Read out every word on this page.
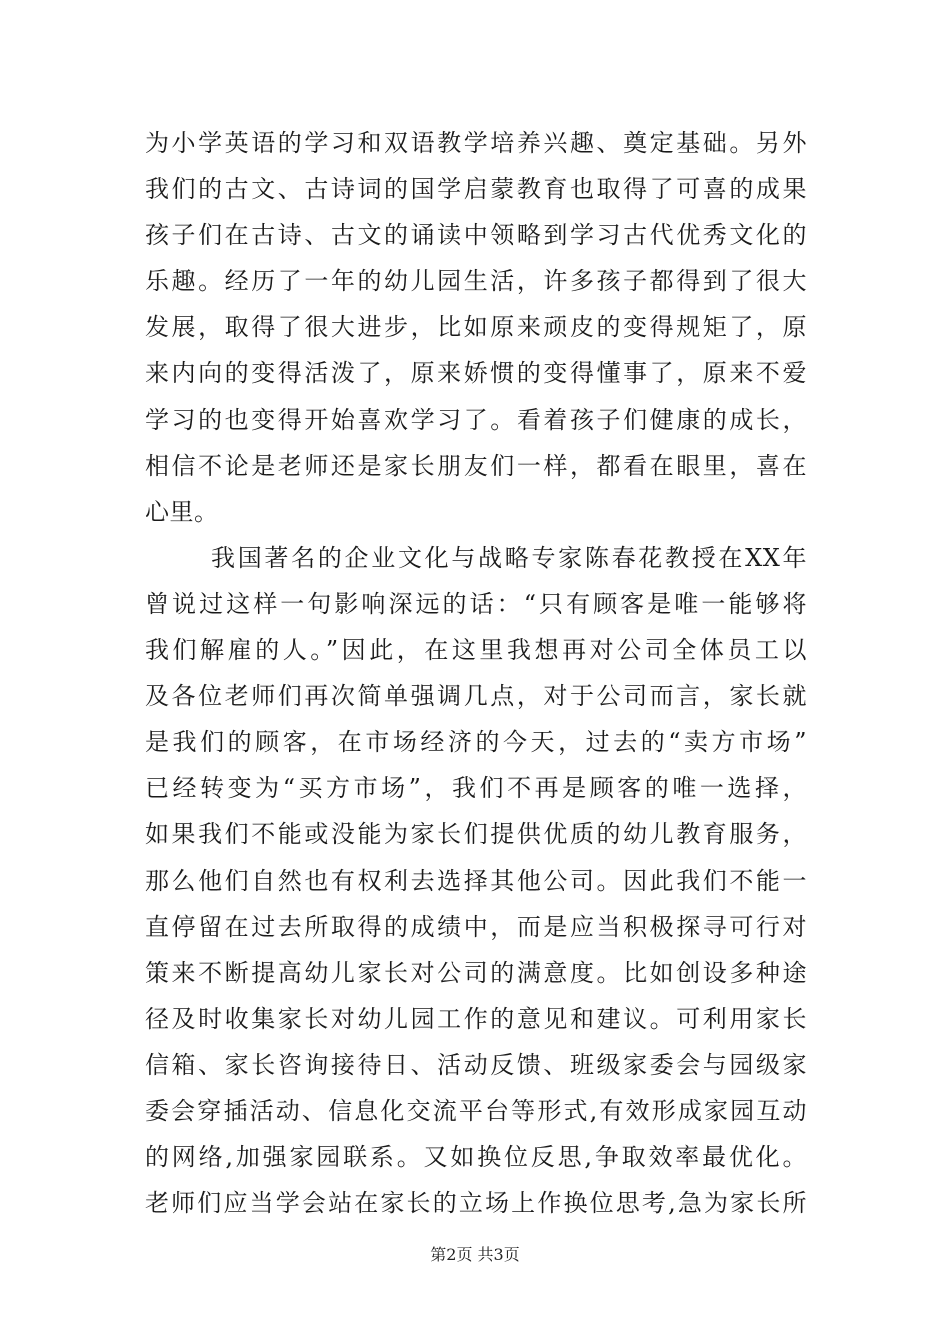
为小学英语的学习和双语教学培养兴趣、奠定基础。另外
我们的古文、古诗词的国学启蒙教育也取得了可喜的成果
孩子们在古诗、古文的诵读中领略到学习古代优秀文化的
乐趣。经历了一年的幼儿园生活，许多孩子都得到了很大
发展，取得了很大进步，比如原来顽皮的变得规矩了，原
来内向的变得活泼了，原来娇惯的变得懂事了，原来不爱
学习的也变得开始喜欢学习了。看着孩子们健康的成长，
相信不论是老师还是家长朋友们一样，都看在眼里，喜在
心里。
我国著名的企业文化与战略专家陈春花教授在XX年
曾说过这样一句影响深远的话：“只有顾客是唯一能够将
我们解雇的人。”因此，在这里我想再对公司全体员工以
及各位老师们再次简单强调几点，对于公司而言，家长就
是我们的顾客，在市场经济的今天，过去的“卖方市场”
已经转变为“买方市场”，我们不再是顾客的唯一选择，
如果我们不能或没能为家长们提供优质的幼儿教育服务，
那么他们自然也有权利去选择其他公司。因此我们不能一
直停留在过去所取得的成绩中，而是应当积极探寻可行对
策来不断提高幼儿家长对公司的满意度。比如创设多种途
径及时收集家长对幼儿园工作的意见和建议。可利用家长
信箱、家长咨询接待日、活动反馈、班级家委会与园级家
委会穿插活动、信息化交流平台等形式,有效形成家园互动
的网络,加强家园联系。又如换位反思,争取效率最优化。
老师们应当学会站在家长的立场上作换位思考,急为家长所
第2页 共3页
